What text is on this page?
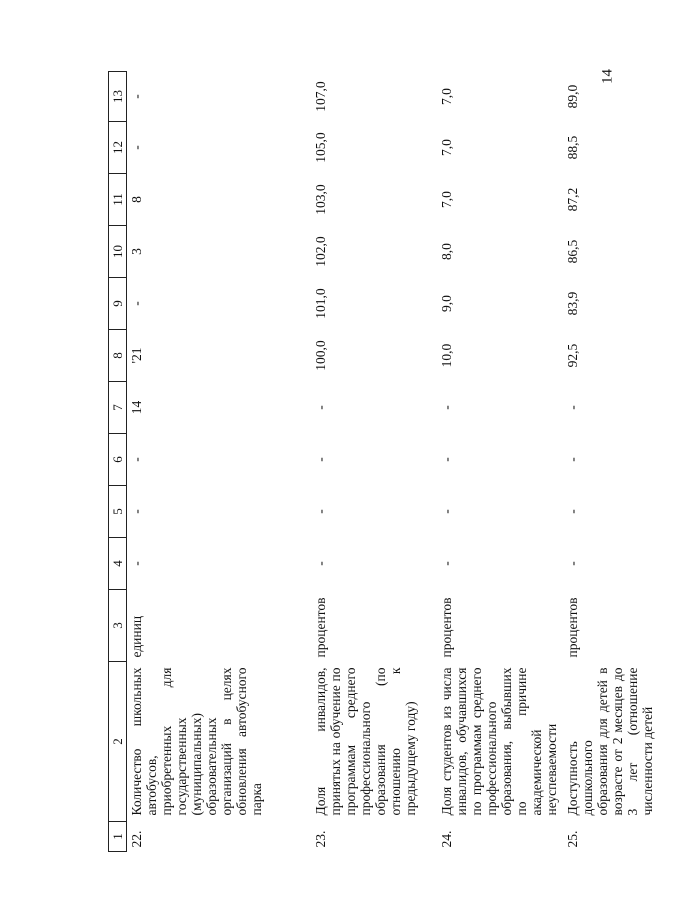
14
1	2	3	4	5	6	7	8	9	10	11	12	13
22.	Количество школьных автобусов, приобретенных для государственных (муниципальных) образовательных организаций в целях обновления автобусного парка	единиц	-	-	-	14	'21	-	3	8	-	-
23.	Доля инвалидов, принятых на обучение по программам среднего профессионального образования (по отношению к предыдущему году)	процентов	-	-	-	-	100,0	101,0	102,0	103,0	105,0	107,0
24.	Доля студентов из числа инвалидов, обучавшихся по программам среднего профессионального образования, выбывших по причине академической неуспеваемости	процентов	-	-	-	-	10,0	9,0	8,0	7,0	7,0	7,0
25.	Доступность дошкольного образования для детей в возрасте от 2 месяцев до 3 лет (отношение численности детей	процентов	-	-	-	-	92,5	83,9	86,5	87,2	88,5	89,0
